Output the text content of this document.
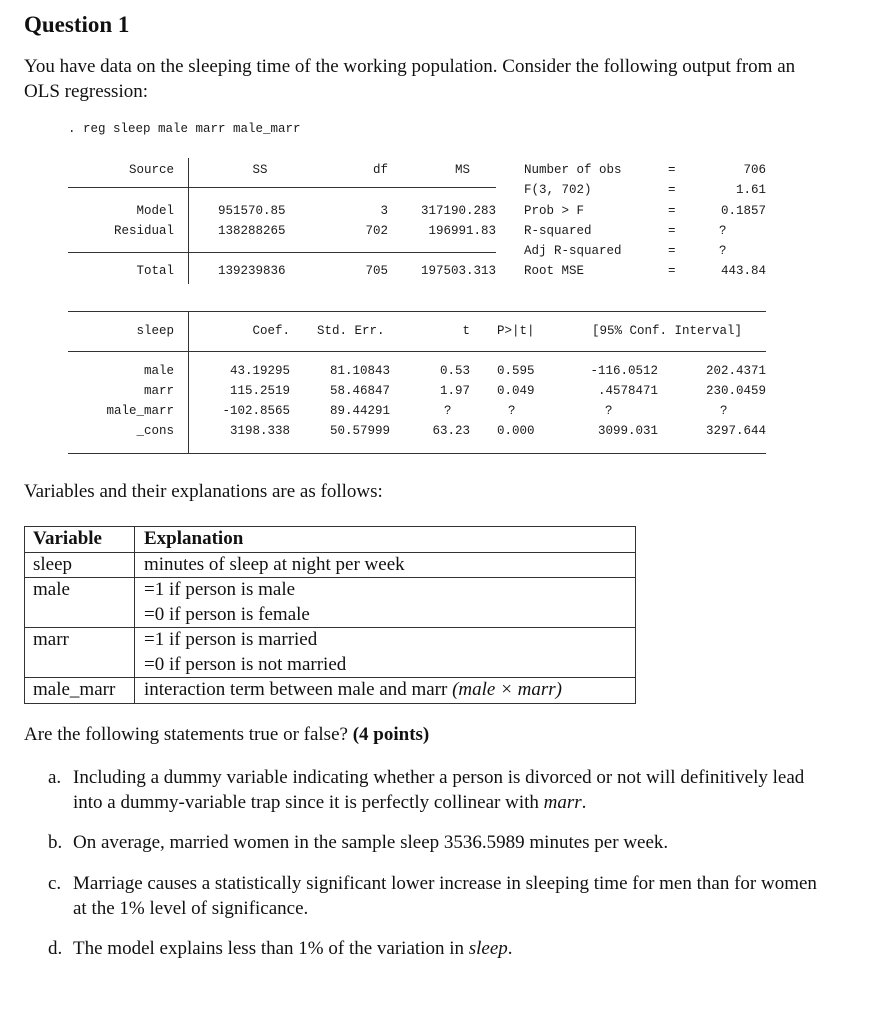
Question 1

You have data on the sleeping time of the working population. Consider the following output from an OLS regression:

. reg sleep male marr male_marr
Source	SS	df	MS
Model	951570.85	3	317190.283
Residual	138288265	702	196991.83
Total	139239836	705	197503.313
Number of obs	=	706
F(3, 702)	=	1.61
Prob > F	=	0.1857
R-squared	=	?
Adj R-squared	=	?
Root MSE	=	443.84
sleep	Coef. Std. Err.	t P>|t|	[95% Conf. Interval]
male	43.19295	81.10843	0.53 0.595	-116.0512	202.4371
marr	115.2519	58.46847	1.97 0.049	.4578471	230.0459
male_marr	-102.8565	89.44291	?	?	?	?
_cons	3198.338	50.57999	63.23 0.000	3099.031	3297.644

Variables and their explanations are as follows:

Variable	Explanation
sleep	minutes of sleep at night per week
male	=1 if person is male
=0 if person is female

marr	=1 if person is married
=0 if person is not married

male_marr	interaction term between male and marr (male × marr)

Are the following statements true or false? (4 points)

a. Including a dummy variable indicating whether a person is divorced or not will definitively lead into a dummy-variable trap since it is perfectly collinear with marr.
b. On average, married women in the sample sleep 3536.5989 minutes per week.
c. Marriage causes a statistically significant lower increase in sleeping time for men than for women at the 1% level of significance.
d. The model explains less than 1% of the variation in sleep.
